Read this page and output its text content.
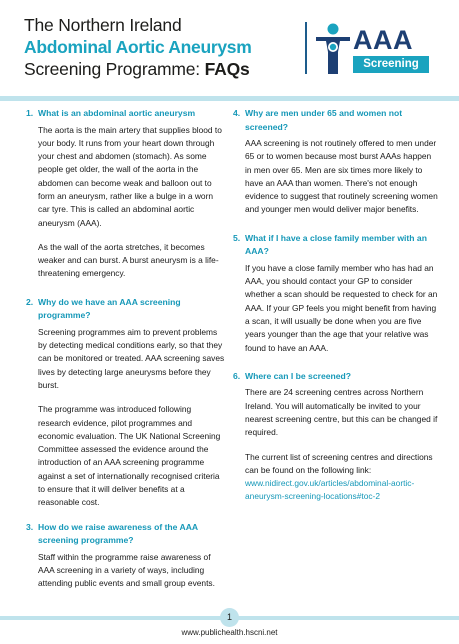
The Northern Ireland
Abdominal Aortic Aneurysm
Screening Programme: FAQs
AAA
Screening
1. What is an abdominal aortic aneurysm
The aorta is the main artery that supplies blood to your body. It runs from your heart down through your chest and abdomen (stomach). As some people get older, the wall of the aorta in the abdomen can become weak and balloon out to form an aneurysm, rather like a bulge in a worn car tyre. This is called an abdominal aortic aneurysm (AAA).
As the wall of the aorta stretches, it becomes weaker and can burst. A burst aneurysm is a life-threatening emergency.
2. Why do we have an AAA screening programme?
Screening programmes aim to prevent problems by detecting medical conditions early, so that they can be monitored or treated. AAA screening saves lives by detecting large aneurysms before they burst.
The programme was introduced following research evidence, pilot programmes and economic evaluation. The UK National Screening Committee assessed the evidence around the introduction of an AAA screening programme against a set of internationally recognised criteria to ensure that it will deliver benefits at a reasonable cost.
3. How do we raise awareness of the AAA screening programme?
Staff within the programme raise awareness of AAA screening in a variety of ways, including attending public events and small group events.
4. Why are men under 65 and women not screened?
AAA screening is not routinely offered to men under 65 or to women because most burst AAAs happen in men over 65. Men are six times more likely to have an AAA than women. There's not enough evidence to suggest that routinely screening women and younger men would deliver major benefits.
5. What if I have a close family member with an AAA?
If you have a close family member who has had an AAA, you should contact your GP to consider whether a scan should be requested to check for an AAA. If your GP feels you might benefit from having a scan, it will usually be done when you are five years younger than the age that your relative was found to have an AAA.
6. Where can I be screened?
There are 24 screening centres across Northern Ireland. You will automatically be invited to your nearest screening centre, but this can be changed if required.
The current list of screening centres and directions can be found on the following link: www.nidirect.gov.uk/articles/abdominal-aortic-aneurysm-screening-locations#toc-2
1
www.publichealth.hscni.net
